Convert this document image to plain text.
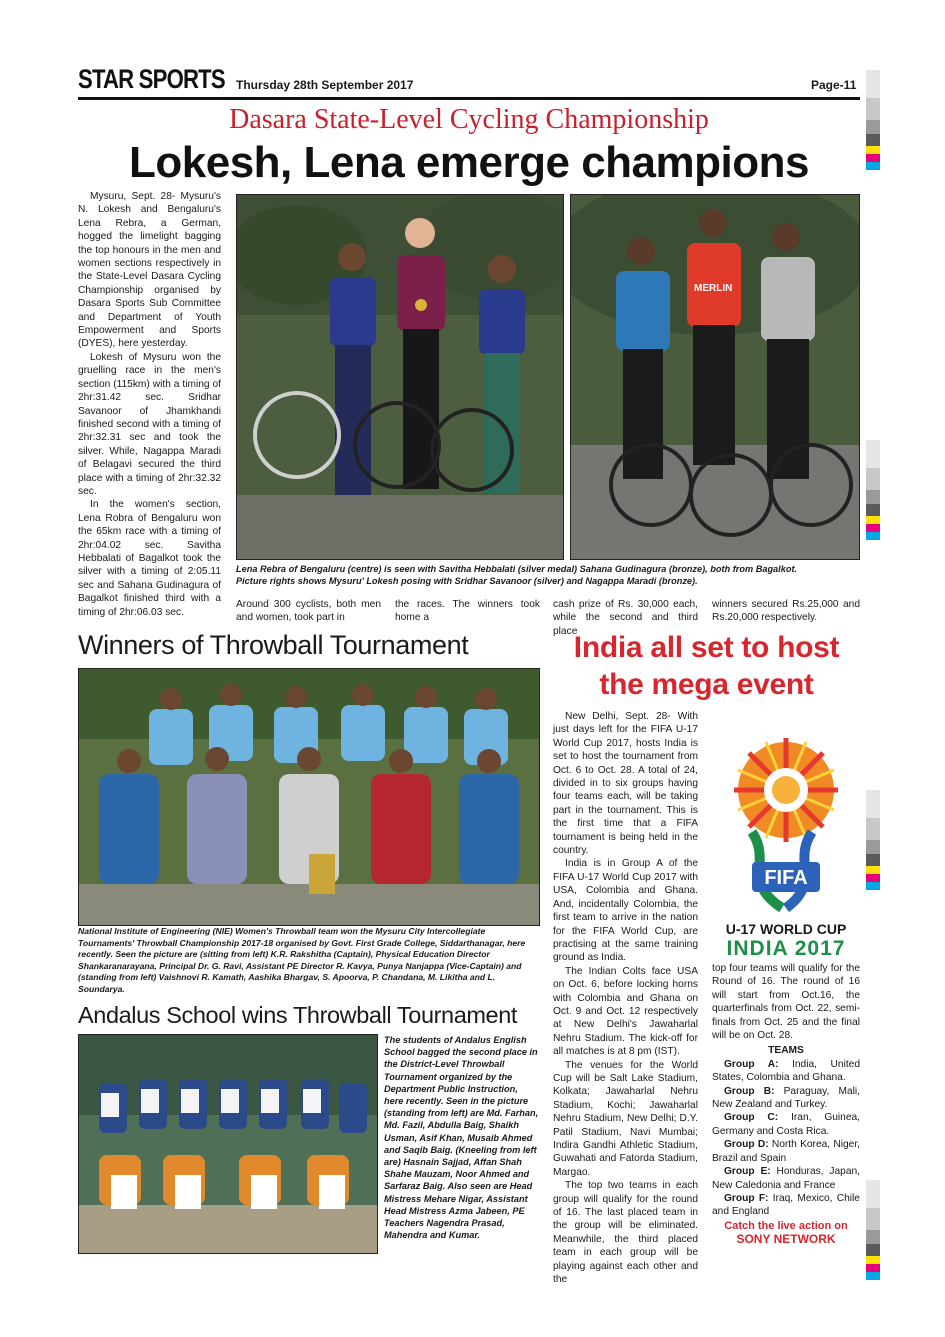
STAR SPORTS Thursday 28th September 2017	Page-11
Dasara State-Level Cycling Championship
Lokesh, Lena emerge champions

Mysuru, Sept. 28- Mysuru's N. Lokesh and Bengaluru's Lena Rebra, a German, hogged the limelight bagging the top honours in the men and women sections respectively in the State-Level Dasara Cycling Championship organised by Dasara Sports Sub Committee and Department of Youth Empowerment and Sports (DYES), here yesterday.

Lokesh of Mysuru won the gruelling race in the men's section (115km) with a timing of 2hr:31.42 sec. Sridhar Savanoor of Jhamkhandi finished second with a timing of 2hr:32.31 sec and took the silver. While, Nagappa Maradi of Belagavi secured the third place with a timing of 2hr:32.32 sec.

In the women's section, Lena Robra of Bengaluru won the 65km race with a timing of 2hr:04.02 sec. Savitha Hebbalati of Bagalkot took the silver with a timing of 2:05.11 sec and Sahana Gudinagura of Bagalkot finished third with a timing of 2hr:06.03 sec.

MERLIN
Lena Rebra of Bengaluru (centre) is seen with Savitha Hebbalati (silver medal) Sahana Gudinagura (bronze), both from Bagalkot.
Picture rights shows Mysuru' Lokesh posing with Sridhar Savanoor (silver) and Nagappa Maradi (bronze).
Around 300 cyclists, both men and women, took part in
the races. The winners took home a
cash prize of Rs. 30,000 each, while the second and third place
winners secured Rs.25,000 and Rs.20,000 respectively.
Winners of Throwball Tournament
National Institute of Engineering (NIE) Women's Throwball team won the Mysuru City Intercollegiate Tournaments' Throwball Championship 2017-18 organised by Govt. First Grade College, Siddarthanagar, here recently. Seen the picture are (sitting from left) K.R. Rakshitha (Captain), Physical Education Director Shankaranarayana, Principal Dr. G. Ravi, Assistant PE Director R. Kavya, Punya Nanjappa (Vice-Captain) and (standing from left) Vaishnovi R. Kamath, Aashika Bhargav, S. Apoorva, P. Chandana, M. Likitha and L. Soundarya.
Andalus School wins Throwball Tournament
The students of Andalus English School bagged the second place in the District-Level Throwball Tournament organized by the Department Public Instruction, here recently. Seen in the picture (standing from left) are Md. Farhan, Md. Fazil, Abdulla Baig, Shaikh Usman, Asif Khan, Musaib Ahmed and Saqib Baig. (Kneeling from left are) Hasnain Sajjad, Affan Shah Shahe Mauzam, Noor Ahmed and Sarfaraz Baig. Also seen are Head Mistress Mehare Nigar, Assistant Head Mistress Azma Jabeen, PE Teachers Nagendra Prasad, Mahendra and Kumar.
India all set to host
the mega event

New Delhi, Sept. 28- With just days left for the FIFA U-17 World Cup 2017, hosts India is set to host the tournament from Oct. 6 to Oct. 28. A total of 24, divided in to six groups having four teams each, will be taking part in the tournament. This is the first time that a FIFA tournament is being held in the country.

India is in Group A of the FIFA U-17 World Cup 2017 with USA, Colombia and Ghana. And, incidentally Colombia, the first team to arrive in the nation for the FIFA World Cup, are practising at the same training ground as India.

The Indian Colts face USA on Oct. 6, before locking horns with Colombia and Ghana on Oct. 9 and Oct. 12 respectively at New Delhi's Jawaharlal Nehru Stadium. The kick-off for all matches is at 8 pm (IST).

The venues for the World Cup will be Salt Lake Stadium, Kolkata; Jawaharlal Nehru Stadium, Kochi; Jawaharlal Nehru Stadium, New Delhi; D.Y. Patil Stadium, Navi Mumbai; Indira Gandhi Athletic Stadium, Guwahati and Fatorda Stadium, Margao.

The top two teams in each group will qualify for the round of 16. The last placed team in the group will be eliminated. Meanwhile, the third placed team in each group will be playing against each other and the

FIFA
U-17 WORLD CUP
INDIA 2017
top four teams will qualify for the Round of 16. The round of 16 will start from Oct.16, the quarterfinals from Oct. 22, semi-finals from Oct. 25 and the final will be on Oct. 28.
TEAMS
Group A: India, United States, Colombia and Ghana.
Group B: Paraguay, Mali, New Zealand and Turkey.
Group C: Iran, Guinea, Germany and Costa Rica.
Group D: North Korea, Niger, Brazil and Spain
Group E: Honduras, Japan, New Caledonia and France
Group F: Iraq, Mexico, Chile and England
Catch the live action on
SONY NETWORK
